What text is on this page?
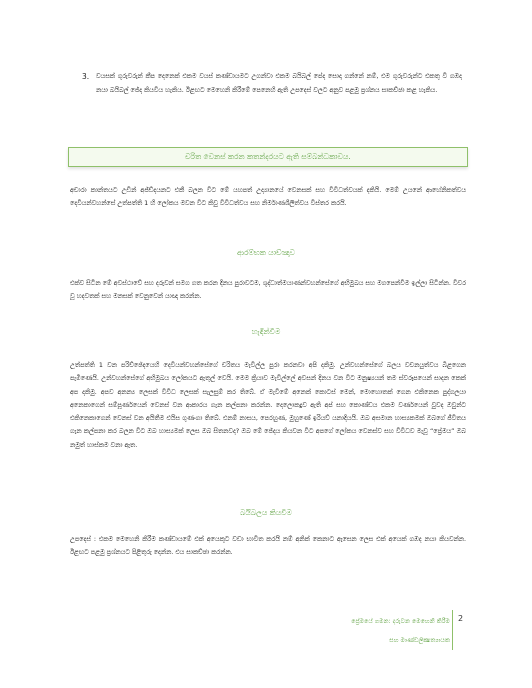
3.	වයසක් ගුරුවරුන් කීප දෙනෙක් එකම වයස් කණ්ඩායමට උගන්වා එකම බයිබල් පේද සොදා ගන්නේ නම්, එම ගුරුවරුන්ට එකතු වී ගඹද නයා බයිබල් ජේද කියවිය හැකිය. ඊළඟට මෙහෙනි කිරීමේ පෙනෙහි ඇති උපදෙස් වලට අනුව පළමු ප්‍රශ්නය සාකච්ඡා කළ හැකිය.
චරිත වෙනස් කරන කතන්දරයට ඇති සම්බන්ධකාවය.
අචාරා කාන්තයට උඩින් අජ්ඩ්දයනට එකී බලන විට මේ යහපත් උද්‍යානයේ වෙනසක් සහ විවිධත්වයක් දකියි. මෙම් උයනේ ආහේනිකත්වය දෙවියන්වහන්සේ උත්පත්ති 1 හි ලෝකය මවන විට කිවු විවිධත්වය සහ නිර්මාණශීලිත්වය විස්තර කරයි.
ආරම්භක යාච්ඤාව
එක්ව සිටින මේ අවස්ථාවේ සහ දරුවන් සමග ගත කරන දිනය පුරාවටම, ශුද්ධාත්මයාණන්වහන්සේගේ අභිමුඛය සහ මගපෙන්වීම ඉල්ලා සිටින්න. විවර වූ හදවතක් සහ මනසක් වෙනුවෙන් යාඥා කරන්න.
හැඳින්වීම
උත්පත්ති 1 වන පරිච්ඡේදයෙහි දෙවියන්වහන්සේගේ චරිතය මැවිල්ල පුරා කරනවා අපි දකිමු. උන්වහන්සේගේ බලය වචනයුත්වය බිළගෙන පැමිණෙයි. උන්වහන්සේගේ අභිමුඛය ලෝකයට ඇතුල් වෙයි. මෙම ක්‍රියාව මැවිල්ලේ අවසන් දිනය වන විට මනුෂ්‍යයන් තම ස්වරූපයෙන් සාදන කෙක් අප දකිමු. අපව අනන්‍ය ලෙසක් විවිධ ලෙසක් සැලසුම් කර තිබේ. ඒ මැවීමේ අනෙක් කොටස් මෙන්, මොහොතක් ගෙන එකිනෙක පුද්ගලයා අනෙකාගෙන් සම්පූර්ණයෙන් වෙනස් වන ආකාරය ගැන කල්පනා කරන්න. දෙලොකදුව ඇති අප් සහ කොණ්ඩය එකම වර්ණයෙන් වුවද ඔවුන්ට එකිනෙකාගෙන් වෙනස් වන අයිතීම එයිස ගුණංගා තිබේ. එනම් නාසය, පෙරහුණ, මුහුණේ ඉරියව් යනාදියයි. ඔබ අසමාන හාස්‍යකමක් ඔබගේ ජීවිතය ගැන කල්පනා කර බලන විට ඔබ හාස්‍යමක් ලෙස ඔබ සිතනවද? ඔබ මේ ජේදය කියවන විට අපගේ ලෝකය වෙනස්ව සහ විවිධව මැවූ “ප්‍රේමය” ඔබ නමුත් හාස්කම වනා ඇත.
බයිබලය කියවීම
උපදෙස් : එකම මෙහෙනි කිරීම කණ්ඩායමේ එක් අයෙකුට වඩා භාවිත කරයි නම් අනික් කෙනාට ඇසෙන ලෙස එක් අයෙක් ගඹද නයා කියවන්න. ඊළඟට පළමු ප්‍රශ්නයට පිළිතුරු දෙන්න. එය සාකච්ඡා කරන්න.
ප්‍රේමයේ ගමන: දරුවන මෙහෙනි කිරීම
සහ මාණ්ඩලික්‍ෂත්‍යායක
2
